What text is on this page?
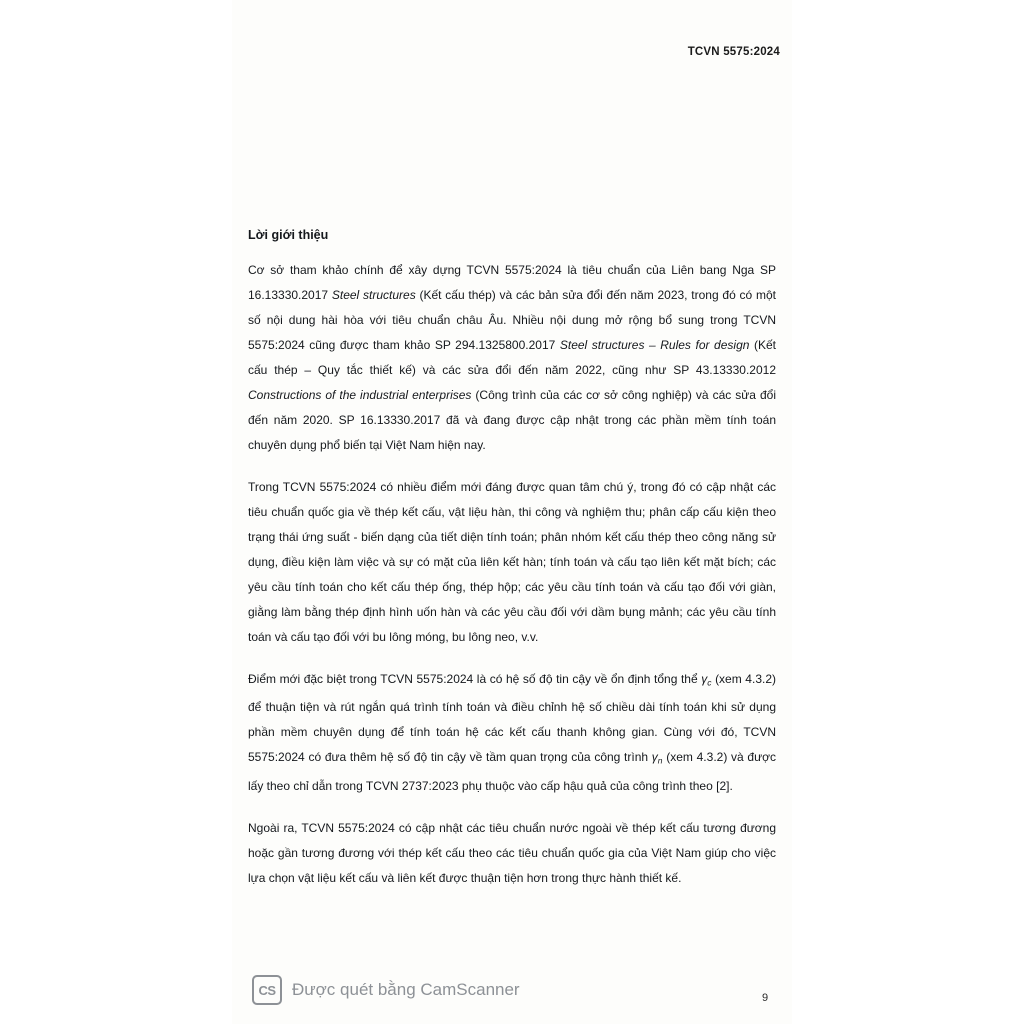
TCVN 5575:2024
Lời giới thiệu

Cơ sở tham khảo chính để xây dựng TCVN 5575:2024 là tiêu chuẩn của Liên bang Nga SP 16.13330.2017 Steel structures (Kết cấu thép) và các bản sửa đổi đến năm 2023, trong đó có một số nội dung hài hòa với tiêu chuẩn châu Âu. Nhiều nội dung mở rộng bổ sung trong TCVN 5575:2024 cũng được tham khảo SP 294.1325800.2017 Steel structures – Rules for design (Kết cấu thép – Quy tắc thiết kế) và các sửa đổi đến năm 2022, cũng như SP 43.13330.2012 Constructions of the industrial enterprises (Công trình của các cơ sở công nghiệp) và các sửa đổi đến năm 2020. SP 16.13330.2017 đã và đang được cập nhật trong các phần mềm tính toán chuyên dụng phổ biến tại Việt Nam hiện nay.

Trong TCVN 5575:2024 có nhiều điểm mới đáng được quan tâm chú ý, trong đó có cập nhật các tiêu chuẩn quốc gia về thép kết cấu, vật liệu hàn, thi công và nghiệm thu; phân cấp cấu kiện theo trạng thái ứng suất - biến dạng của tiết diện tính toán; phân nhóm kết cấu thép theo công năng sử dụng, điều kiện làm việc và sự có mặt của liên kết hàn; tính toán và cấu tạo liên kết mặt bích; các yêu cầu tính toán cho kết cấu thép ống, thép hộp; các yêu cầu tính toán và cấu tạo đối với giàn, giằng làm bằng thép định hình uốn hàn và các yêu cầu đối với dầm bụng mảnh; các yêu cầu tính toán và cấu tạo đối với bu lông móng, bu lông neo, v.v.

Điểm mới đặc biệt trong TCVN 5575:2024 là có hệ số độ tin cậy về ổn định tổng thể $\gamma_c$ (xem 4.3.2) để thuận tiện và rút ngắn quá trình tính toán và điều chỉnh hệ số chiều dài tính toán khi sử dụng phần mềm chuyên dụng để tính toán hệ các kết cấu thanh không gian. Cùng với đó, TCVN 5575:2024 có đưa thêm hệ số độ tin cậy về tầm quan trọng của công trình $\gamma_n$ (xem 4.3.2) và được lấy theo chỉ dẫn trong TCVN 2737:2023 phụ thuộc vào cấp hậu quả của công trình theo [2].

Ngoài ra, TCVN 5575:2024 có cập nhật các tiêu chuẩn nước ngoài về thép kết cấu tương đương hoặc gần tương đương với thép kết cấu theo các tiêu chuẩn quốc gia của Việt Nam giúp cho việc lựa chọn vật liệu kết cấu và liên kết được thuận tiện hơn trong thực hành thiết kế.

CS Được quét bằng CamScanner	9
